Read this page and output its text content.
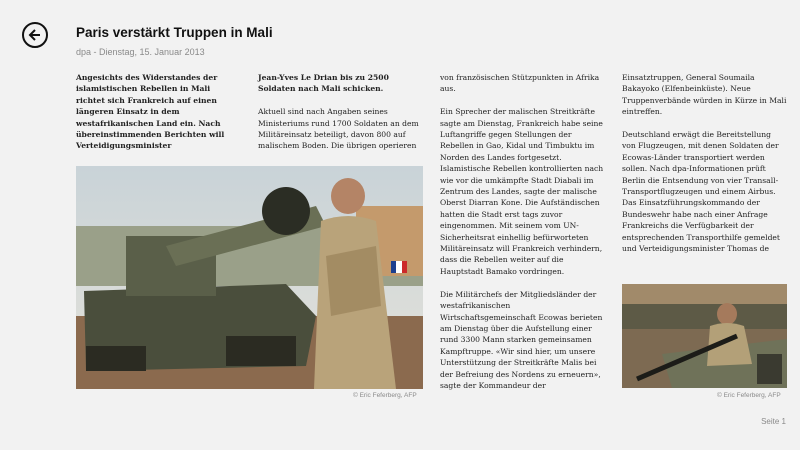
Paris verstärkt Truppen in Mali
dpa - Dienstag, 15. Januar 2013

Angesichts des Widerstandes der islamistischen Rebellen in Mali richtet sich Frankreich auf einen längeren Einsatz in dem westafrikanischen Land ein. Nach übereinstimmenden Berichten will Verteidigungsminister

Jean-Yves Le Drian bis zu 2500 Soldaten nach Mali schicken.

Aktuell sind nach Angaben seines Ministeriums rund 1700 Soldaten an dem Militäreinsatz beteiligt, davon 800 auf malischem Boden. Die übrigen operieren

© Eric Feferberg, AFP

von französischen Stützpunkten in Afrika aus.

Ein Sprecher der malischen Streitkräfte sagte am Dienstag, Frankreich habe seine Luftangriffe gegen Stellungen der Rebellen in Gao, Kidal und Timbuktu im Norden des Landes fortgesetzt. Islamistische Rebellen kontrollierten nach wie vor die umkämpfte Stadt Diabali im Zentrum des Landes, sagte der malische Oberst Diarran Kone. Die Aufständischen hatten die Stadt erst tags zuvor eingenommen. Mit seinem vom UN-Sicherheitsrat einhellig befürworteten Militäreinsatz will Frankreich verhindern, dass die Rebellen weiter auf die Hauptstadt Bamako vordringen.

Die Militärchefs der Mitgliedsländer der westafrikanischen Wirtschaftsgemeinschaft Ecowas berieten am Dienstag über die Aufstellung einer rund 3300 Mann starken gemeinsamen Kampftruppe. «Wir sind hier, um unsere Unterstützung der Streitkräfte Malis bei der Befreiung des Nordens zu erneuern», sagte der Kommandeur der

Einsatztruppen, General Soumaila Bakayoko (Elfenbeinküste). Neue Truppenverbände würden in Kürze in Mali eintreffen.

Deutschland erwägt die Bereitstellung von Flugzeugen, mit denen Soldaten der Ecowas-Länder transportiert werden sollen. Nach dpa-Informationen prüft Berlin die Entsendung von vier Transall-Transportflugzeugen und einem Airbus. Das Einsatzführungskommando der Bundeswehr habe nach einer Anfrage Frankreichs die Verfügbarkeit der entsprechenden Transporthilfe gemeldet und Verteidigungsminister Thomas de

© Eric Feferberg, AFP
Seite 1
